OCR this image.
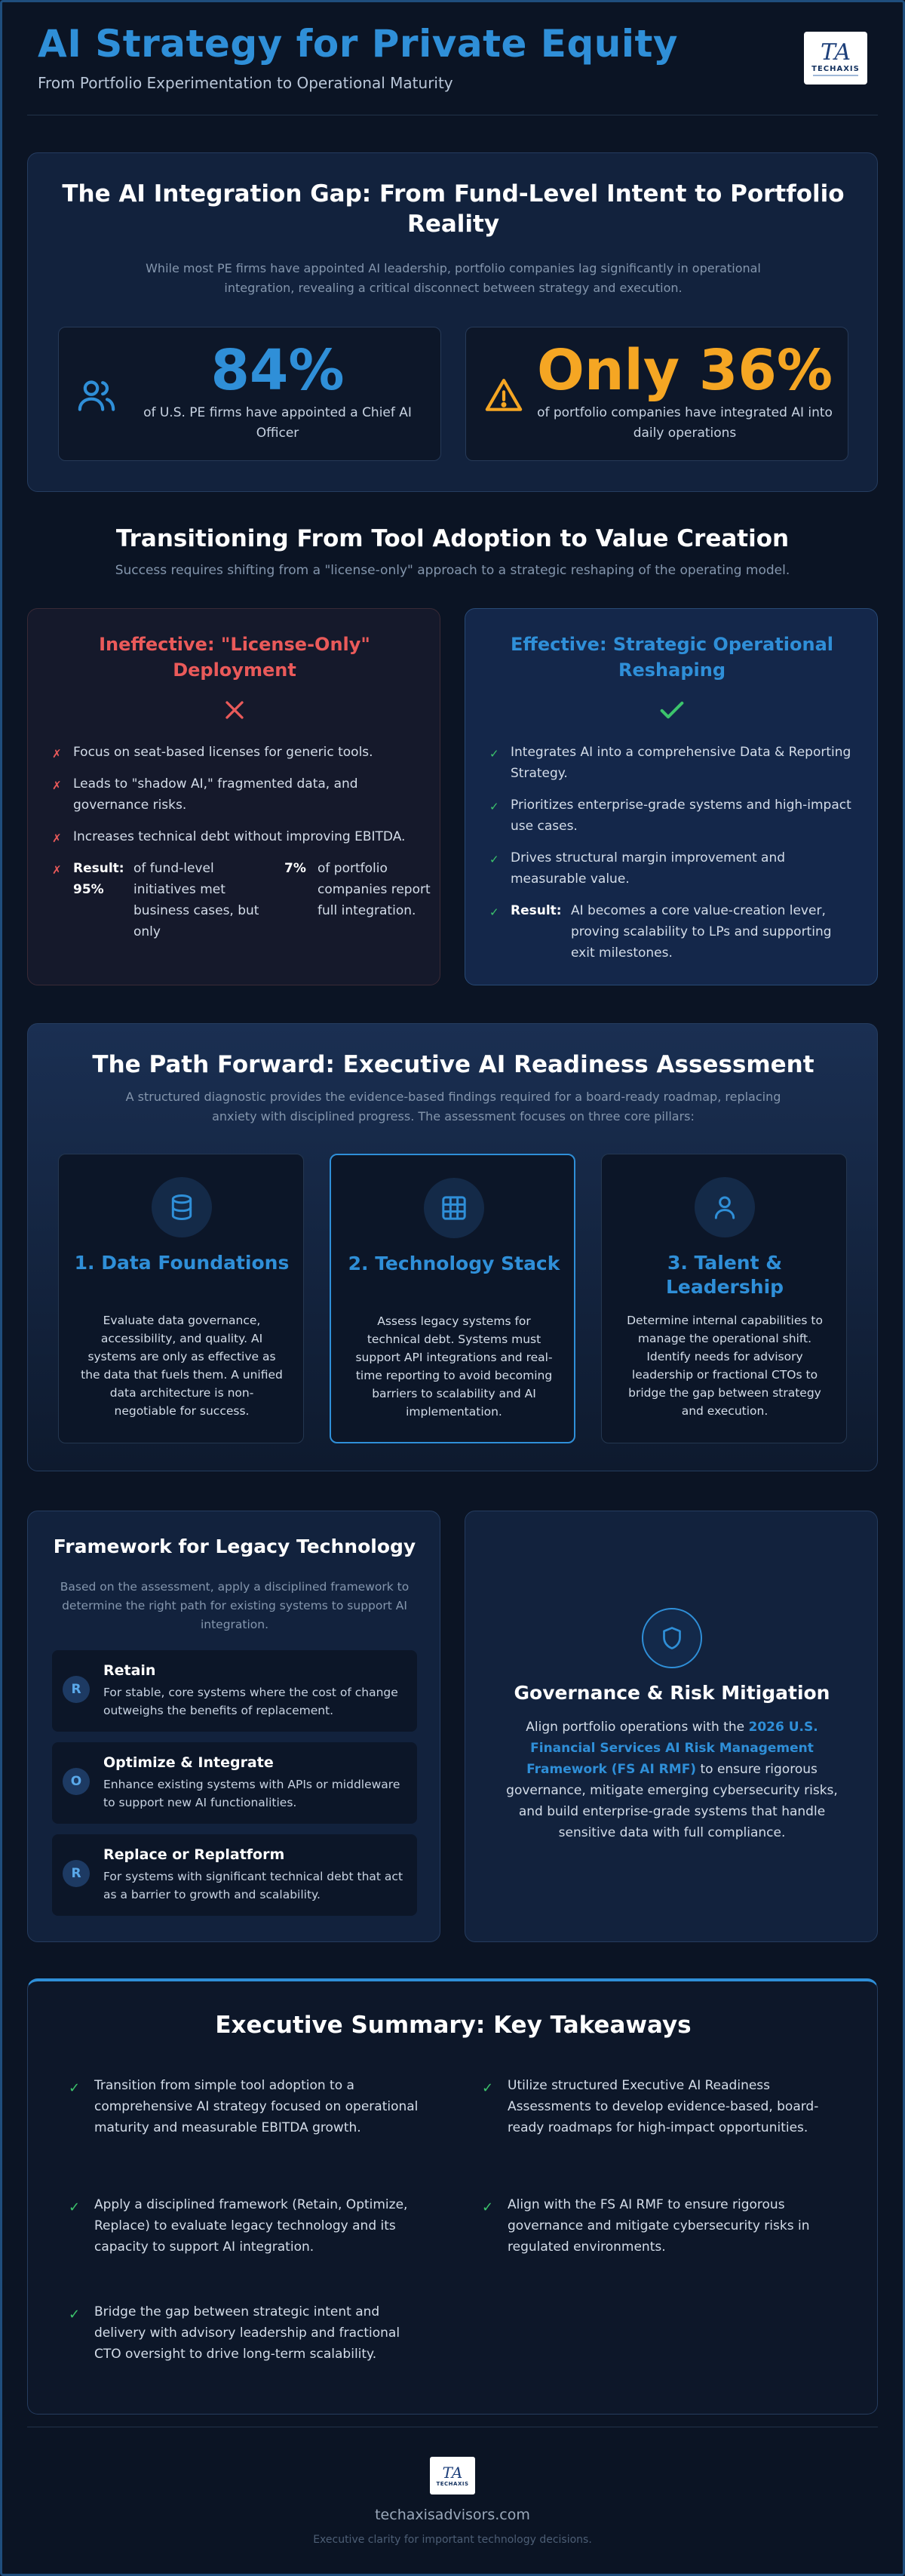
AI Strategy for Private Equity
From Portfolio Experimentation to Operational Maturity
TA
TECHAXIS
The AI Integration Gap: From Fund-Level Intent to Portfolio Reality
While most PE firms have appointed AI leadership, portfolio companies lag significantly in operational integration, revealing a critical disconnect between strategy and execution.
84%
of U.S. PE firms have appointed a Chief AI Officer
Only 36%
of portfolio companies have integrated AI into daily operations
Transitioning From Tool Adoption to Value Creation
Success requires shifting from a "license-only" approach to a strategic reshaping of the operating model.
Ineffective: "License-Only" Deployment
✗ Focus on seat-based licenses for generic tools.
✗ Leads to "shadow AI," fragmented data, and governance risks.
✗ Increases technical debt without improving EBITDA.
✗ Result:
95%
of fund-level initiatives met business cases, but only
7% of portfolio companies report full integration.
Effective: Strategic Operational Reshaping
✓ Integrates AI into a comprehensive Data & Reporting Strategy.
✓ Prioritizes enterprise-grade systems and high-impact use cases.
✓ Drives structural margin improvement and measurable value.
✓ Result: AI becomes a core value-creation lever, proving scalability to LPs and supporting exit milestones.
The Path Forward: Executive AI Readiness Assessment
A structured diagnostic provides the evidence-based findings required for a board-ready roadmap, replacing anxiety with disciplined progress. The assessment focuses on three core pillars:
1. Data Foundations

Evaluate data governance, accessibility, and quality. AI systems are only as effective as the data that fuels them. A unified data architecture is non-negotiable for success.

2. Technology Stack

Assess legacy systems for technical debt. Systems must support API integrations and real-time reporting to avoid becoming barriers to scalability and AI implementation.

3. Talent & Leadership

Determine internal capabilities to manage the operational shift. Identify needs for advisory leadership or fractional CTOs to bridge the gap between strategy and execution.

Framework for Legacy Technology
Based on the assessment, apply a disciplined framework to determine the right path for existing systems to support AI integration.
R
Retain
For stable, core systems where the cost of change outweighs the benefits of replacement.
O
Optimize & Integrate
Enhance existing systems with APIs or middleware to support new AI functionalities.
R
Replace or Replatform
For systems with significant technical debt that act as a barrier to growth and scalability.
Governance & Risk Mitigation

Align portfolio operations with the 2026 U.S. Financial Services AI Risk Management Framework (FS AI RMF) to ensure rigorous governance, mitigate emerging cybersecurity risks, and build enterprise-grade systems that handle sensitive data with full compliance.

Executive Summary: Key Takeaways
✓ Transition from simple tool adoption to a comprehensive AI strategy focused on operational maturity and measurable EBITDA growth.
✓ Utilize structured Executive AI Readiness Assessments to develop evidence-based, board-ready roadmaps for high-impact opportunities.
✓ Apply a disciplined framework (Retain, Optimize, Replace) to evaluate legacy technology and its capacity to support AI integration.
✓ Align with the FS AI RMF to ensure rigorous governance and mitigate cybersecurity risks in regulated environments.
✓ Bridge the gap between strategic intent and delivery with advisory leadership and fractional CTO oversight to drive long-term scalability.
TA
TECHAXIS
techaxisadvisors.com
Executive clarity for important technology decisions.
